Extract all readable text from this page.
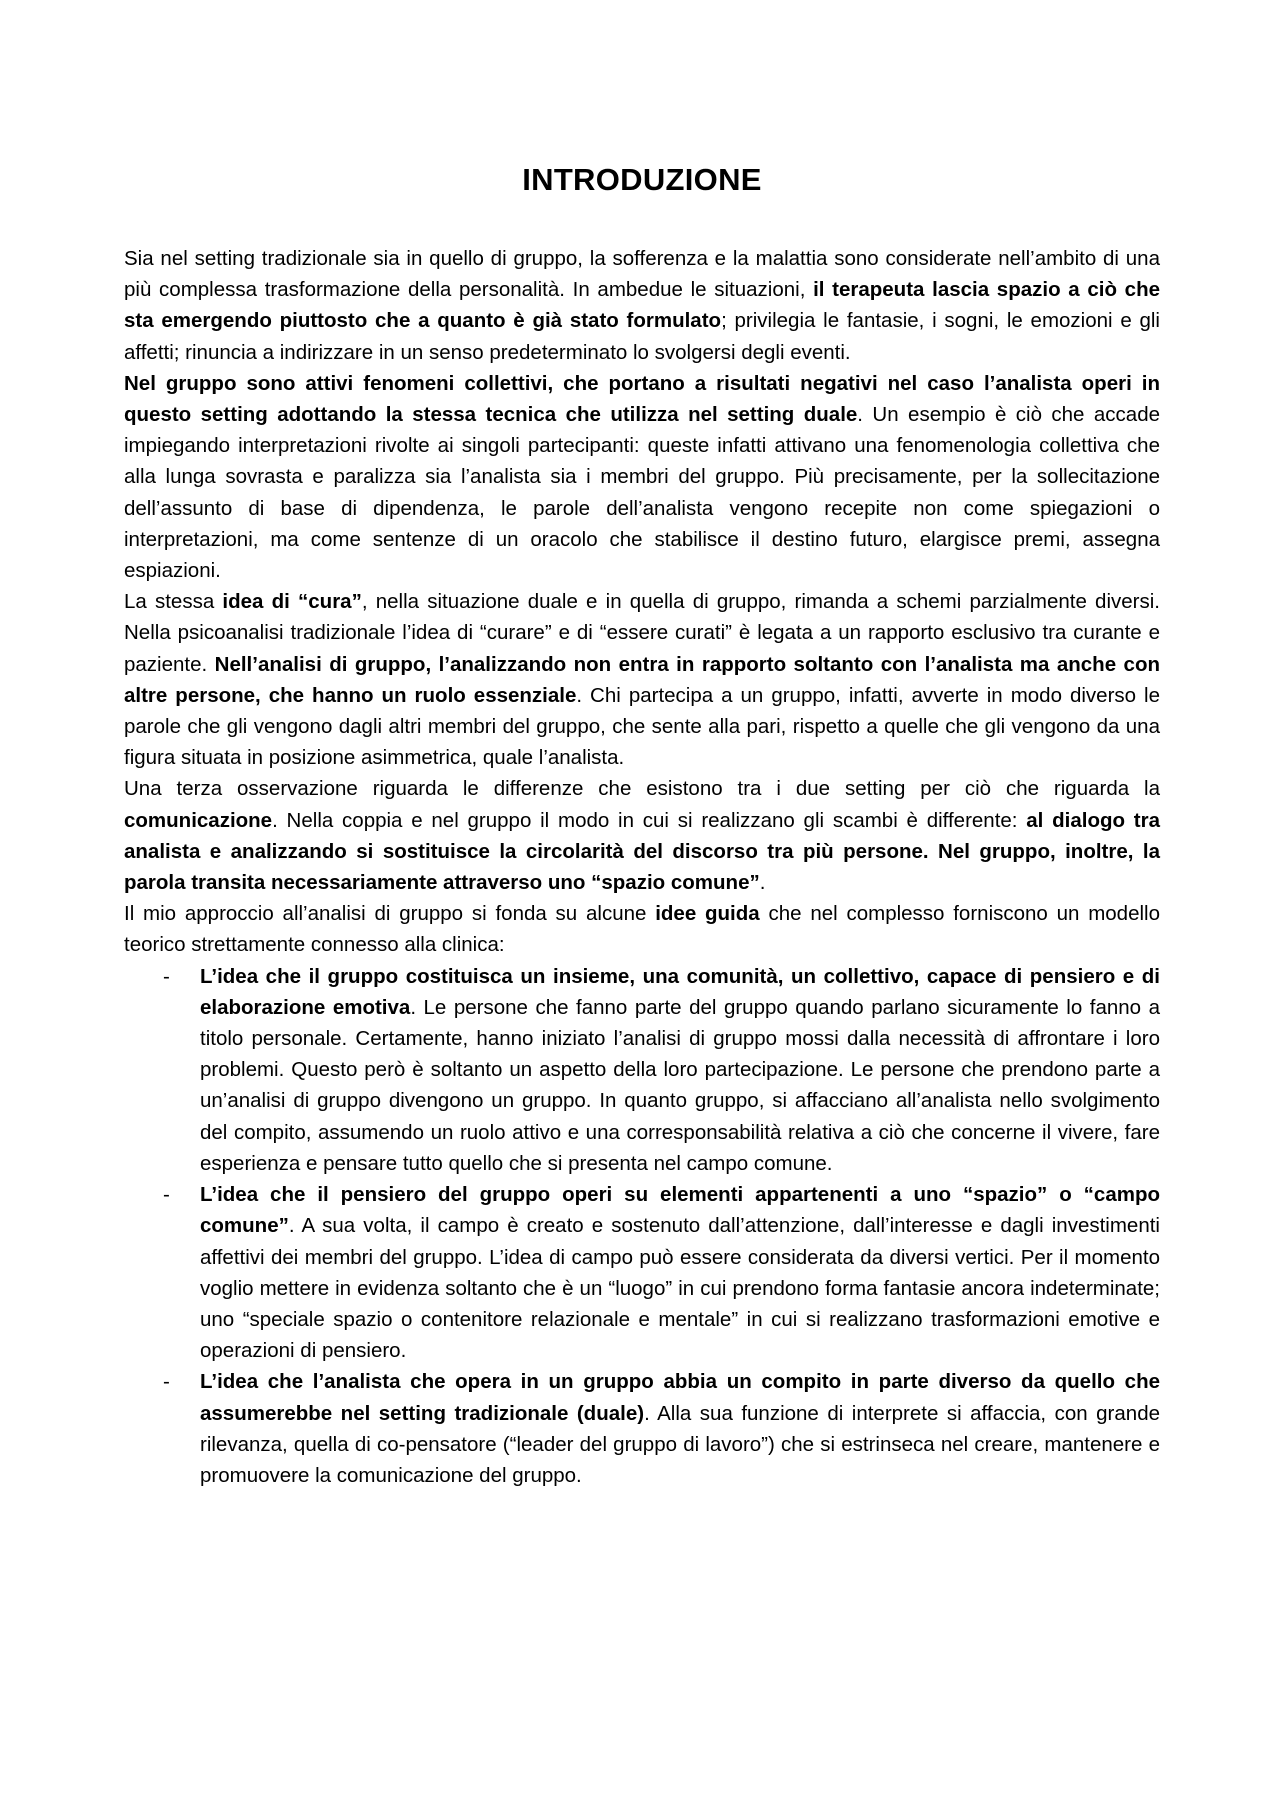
INTRODUZIONE

Sia nel setting tradizionale sia in quello di gruppo, la sofferenza e la malattia sono considerate nell’ambito di una più complessa trasformazione della personalità. In ambedue le situazioni, il terapeuta lascia spazio a ciò che sta emergendo piuttosto che a quanto è già stato formulato; privilegia le fantasie, i sogni, le emozioni e gli affetti; rinuncia a indirizzare in un senso predeterminato lo svolgersi degli eventi.

Nel gruppo sono attivi fenomeni collettivi, che portano a risultati negativi nel caso l’analista operi in questo setting adottando la stessa tecnica che utilizza nel setting duale. Un esempio è ciò che accade impiegando interpretazioni rivolte ai singoli partecipanti: queste infatti attivano una fenomenologia collettiva che alla lunga sovrasta e paralizza sia l’analista sia i membri del gruppo. Più precisamente, per la sollecitazione dell’assunto di base di dipendenza, le parole dell’analista vengono recepite non come spiegazioni o interpretazioni, ma come sentenze di un oracolo che stabilisce il destino futuro, elargisce premi, assegna espiazioni.

La stessa idea di “cura”, nella situazione duale e in quella di gruppo, rimanda a schemi parzialmente diversi. Nella psicoanalisi tradizionale l’idea di “curare” e di “essere curati” è legata a un rapporto esclusivo tra curante e paziente. Nell’analisi di gruppo, l’analizzando non entra in rapporto soltanto con l’analista ma anche con altre persone, che hanno un ruolo essenziale. Chi partecipa a un gruppo, infatti, avverte in modo diverso le parole che gli vengono dagli altri membri del gruppo, che sente alla pari, rispetto a quelle che gli vengono da una figura situata in posizione asimmetrica, quale l’analista.

Una terza osservazione riguarda le differenze che esistono tra i due setting per ciò che riguarda la comunicazione. Nella coppia e nel gruppo il modo in cui si realizzano gli scambi è differente: al dialogo tra analista e analizzando si sostituisce la circolarità del discorso tra più persone. Nel gruppo, inoltre, la parola transita necessariamente attraverso uno “spazio comune”.

Il mio approccio all’analisi di gruppo si fonda su alcune idee guida che nel complesso forniscono un modello teorico strettamente connesso alla clinica:

- L’idea che il gruppo costituisca un insieme, una comunità, un collettivo, capace di pensiero e di elaborazione emotiva. Le persone che fanno parte del gruppo quando parlano sicuramente lo fanno a titolo personale. Certamente, hanno iniziato l’analisi di gruppo mossi dalla necessità di affrontare i loro problemi. Questo però è soltanto un aspetto della loro partecipazione. Le persone che prendono parte a un’analisi di gruppo divengono un gruppo. In quanto gruppo, si affacciano all’analista nello svolgimento del compito, assumendo un ruolo attivo e una corresponsabilità relativa a ciò che concerne il vivere, fare esperienza e pensare tutto quello che si presenta nel campo comune.
- L’idea che il pensiero del gruppo operi su elementi appartenenti a uno “spazio” o “campo comune”. A sua volta, il campo è creato e sostenuto dall’attenzione, dall’interesse e dagli investimenti affettivi dei membri del gruppo. L’idea di campo può essere considerata da diversi vertici. Per il momento voglio mettere in evidenza soltanto che è un “luogo” in cui prendono forma fantasie ancora indeterminate; uno “speciale spazio o contenitore relazionale e mentale” in cui si realizzano trasformazioni emotive e operazioni di pensiero.
- L’idea che l’analista che opera in un gruppo abbia un compito in parte diverso da quello che assumerebbe nel setting tradizionale (duale). Alla sua funzione di interprete si affaccia, con grande rilevanza, quella di co-pensatore (“leader del gruppo di lavoro”) che si estrinseca nel creare, mantenere e promuovere la comunicazione del gruppo.
